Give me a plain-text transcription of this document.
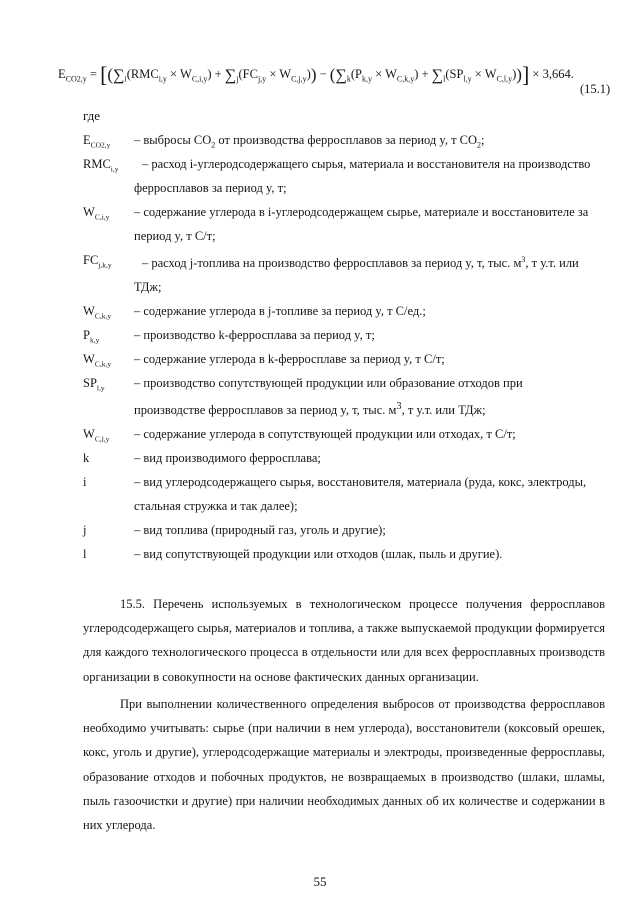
$E_{CO2,y} = [(\sum_i(RMC_{i,y} \times W_{C,i,y}) + \sum_j(FC_{j,y} \times W_{C,j,y})) - (\sum_k(P_{k,y} \times W_{C,k,y}) + \sum_l(SP_{l,y} \times W_{C,l,y}))] \times 3,664$.
(15.1)
где
$E_{CO2,y}$ – выбросы $CO_2$ от производства ферросплавов за период y, т $CO_2$;
$RMC_{i,y}$ – расход i-углеродсодержащего сырья, материала и восстановителя на производство
ферросплавов за период y, т;
$W_{C,i,y}$ – содержание углерода в i-углеродсодержащем сырье, материале и восстановителе за
период y, т С/т;
$FC_{j,k,y}$ – расход j-топлива на производство ферросплавов за период y, т, тыс. $м^3$, т у.т. или
ТДж;
$W_{C,k,y}$ – содержание углерода в j-топливе за период y, т С/ед.;
$P_{k,y}$	– производство k-ферросплава за период y, т;
$W_{C,k,y}$ – содержание углерода в k-ферросплаве за период y, т С/т;
$SP_{l,y}$ – производство сопутствующей продукции или образование отходов при
производстве ферросплавов за период y, т, тыс. $м^3$, т у.т. или ТДж;
$W_{C,l,y}$ – содержание углерода в сопутствующей продукции или отходах, т С/т;
k	– вид производимого ферросплава;
i	– вид углеродсодержащего сырья, восстановителя, материала (руда, кокс, электроды,
стальная стружка и так далее);
j	– вид топлива (природный газ, уголь и другие);
l	– вид сопутствующей продукции или отходов (шлак, пыль и другие).

15.5. Перечень используемых в технологическом процессе получения ферросплавов углеродсодержащего сырья, материалов и топлива, а также выпускаемой продукции формируется для каждого технологического процесса в отдельности или для всех ферросплавных производств организации в совокупности на основе фактических данных организации.

При выполнении количественного определения выбросов от производства ферросплавов необходимо учитывать: сырье (при наличии в нем углерода), восстановители (коксовый орешек, кокс, уголь и другие), углеродсодержащие материалы и электроды, произведенные ферросплавы, образование отходов и побочных продуктов, не возвращаемых в производство (шлаки, шламы, пыль газоочистки и другие) при наличии необходимых данных об их количестве и содержании в них углерода.

55
